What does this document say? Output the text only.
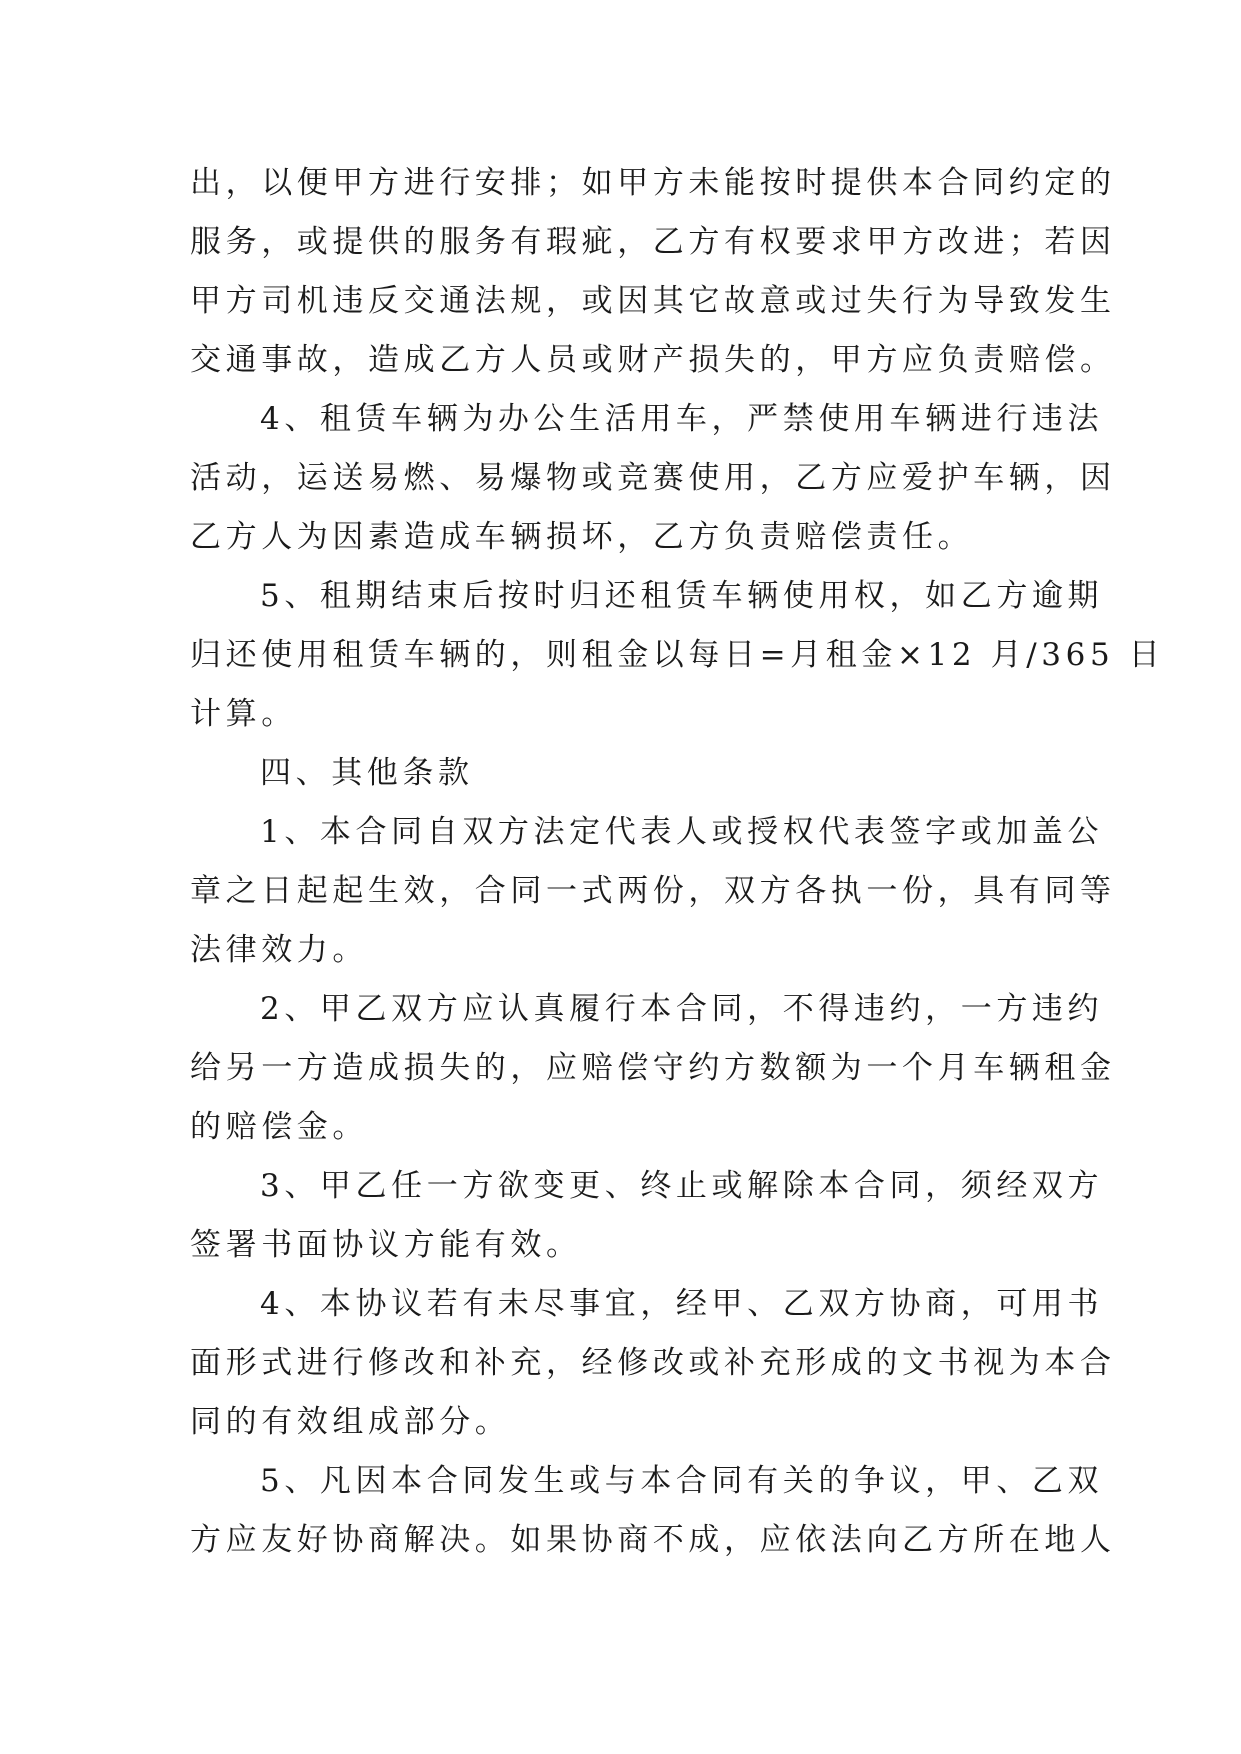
出，以便甲方进行安排；如甲方未能按时提供本合同约定的
服务，或提供的服务有瑕疵，乙方有权要求甲方改进；若因
甲方司机违反交通法规，或因其它故意或过失行为导致发生
交通事故，造成乙方人员或财产损失的，甲方应负责赔偿。

4、租赁车辆为办公生活用车，严禁使用车辆进行违法
活动，运送易燃、易爆物或竞赛使用，乙方应爱护车辆，因
乙方人为因素造成车辆损坏，乙方负责赔偿责任。

5、租期结束后按时归还租赁车辆使用权，如乙方逾期
归还使用租赁车辆的，则租金以每日=月租金×12 月/365 日
计算。

四、其他条款

1、本合同自双方法定代表人或授权代表签字或加盖公
章之日起起生效，合同一式两份，双方各执一份，具有同等
法律效力。

2、甲乙双方应认真履行本合同，不得违约，一方违约
给另一方造成损失的，应赔偿守约方数额为一个月车辆租金
的赔偿金。

3、甲乙任一方欲变更、终止或解除本合同，须经双方
签署书面协议方能有效。

4、本协议若有未尽事宜，经甲、乙双方协商，可用书
面形式进行修改和补充，经修改或补充形成的文书视为本合
同的有效组成部分。

5、凡因本合同发生或与本合同有关的争议，甲、乙双
方应友好协商解决。如果协商不成，应依法向乙方所在地人
